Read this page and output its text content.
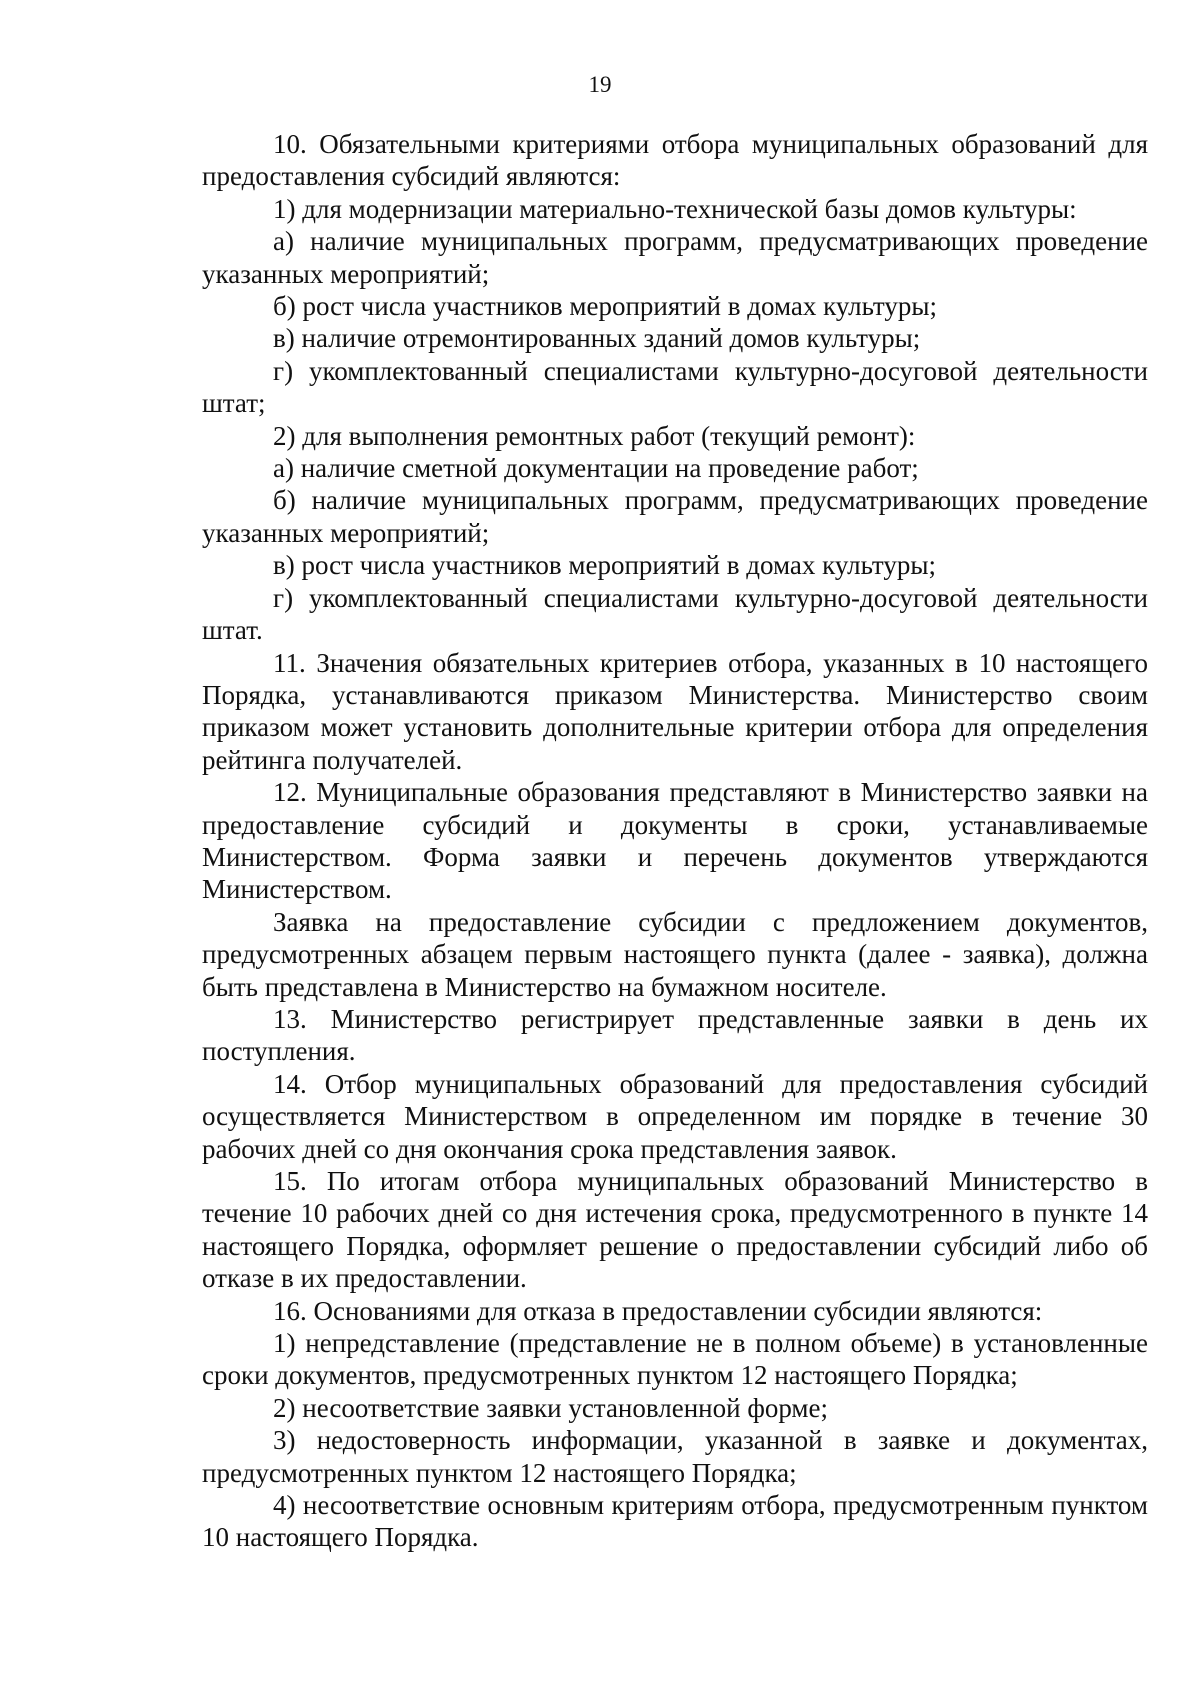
19

10. Обязательными критериями отбора муниципальных образований для предоставления субсидий являются:

1) для модернизации материально-технической базы домов культуры:

а) наличие муниципальных программ, предусматривающих проведение указанных мероприятий;

б) рост числа участников мероприятий в домах культуры;

в) наличие отремонтированных зданий домов культуры;

г) укомплектованный специалистами культурно-досуговой деятельности штат;

2) для выполнения ремонтных работ (текущий ремонт):

а) наличие сметной документации на проведение работ;

б) наличие муниципальных программ, предусматривающих проведение указанных мероприятий;

в) рост числа участников мероприятий в домах культуры;

г) укомплектованный специалистами культурно-досуговой деятельности штат.

11. Значения обязательных критериев отбора, указанных в 10 настоящего Порядка, устанавливаются приказом Министерства. Министерство своим приказом может установить дополнительные критерии отбора для определения рейтинга получателей.

12. Муниципальные образования представляют в Министерство заявки на предоставление субсидий и документы в сроки, устанавливаемые Министерством. Форма заявки и перечень документов утверждаются Министерством.

Заявка на предоставление субсидии с предложением документов, предусмотренных абзацем первым настоящего пункта (далее - заявка), должна быть представлена в Министерство на бумажном носителе.

13. Министерство регистрирует представленные заявки в день их поступления.

14. Отбор муниципальных образований для предоставления субсидий осуществляется Министерством в определенном им порядке в течение 30 рабочих дней со дня окончания срока представления заявок.

15. По итогам отбора муниципальных образований Министерство в течение 10 рабочих дней со дня истечения срока, предусмотренного в пункте 14 настоящего Порядка, оформляет решение о предоставлении субсидий либо об отказе в их предоставлении.

16. Основаниями для отказа в предоставлении субсидии являются:

1) непредставление (представление не в полном объеме) в установленные сроки документов, предусмотренных пунктом 12 настоящего Порядка;

2) несоответствие заявки установленной форме;

3) недостоверность информации, указанной в заявке и документах, предусмотренных пунктом 12 настоящего Порядка;

4) несоответствие основным критериям отбора, предусмотренным пунктом 10 настоящего Порядка.
